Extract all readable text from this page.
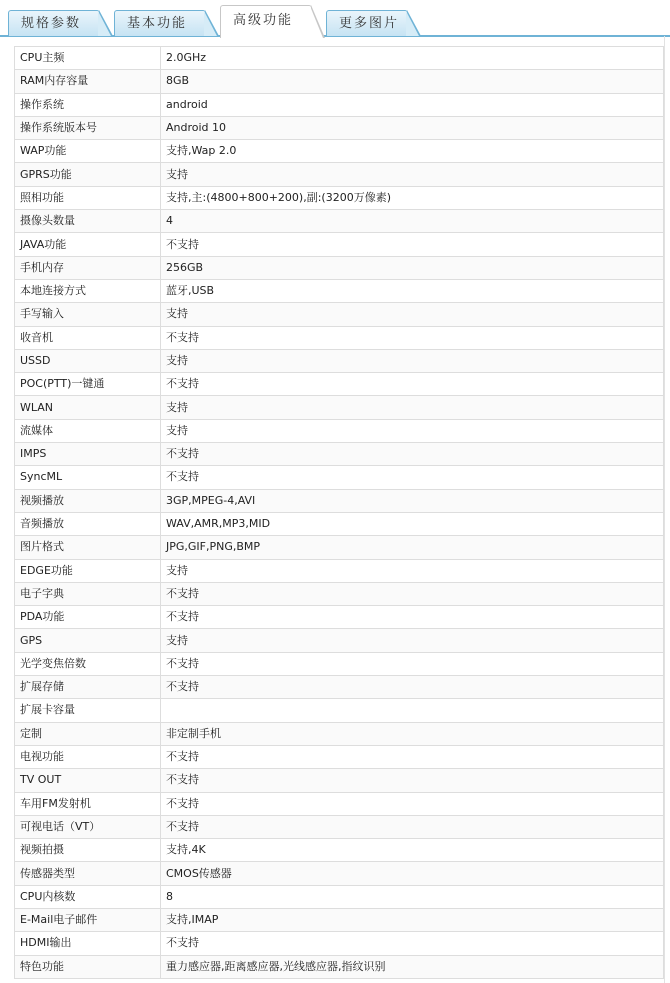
规格参数	基本功能	高级功能	更多图片
CPU主频	2.0GHz
RAM内存容量	8GB
操作系统	android
操作系统版本号	Android 10
WAP功能	支持,Wap 2.0
GPRS功能	支持
照相功能	支持,主:(4800+800+200),副:(3200万像素)
摄像头数量	4
JAVA功能	不支持
手机内存	256GB
本地连接方式	蓝牙,USB
手写输入	支持
收音机	不支持
USSD	支持
POC(PTT)一键通	不支持
WLAN	支持
流媒体	支持
IMPS	不支持
SyncML	不支持
视频播放	3GP,MPEG-4,AVI
音频播放	WAV,AMR,MP3,MID
图片格式	JPG,GIF,PNG,BMP
EDGE功能	支持
电子字典	不支持
PDA功能	不支持
GPS	支持
光学变焦倍数	不支持
扩展存储	不支持
扩展卡容量	
定制	非定制手机
电视功能	不支持
TV OUT	不支持
车用FM发射机	不支持
可视电话（VT）	不支持
视频拍摄	支持,4K
传感器类型	CMOS传感器
CPU内核数	8
E-Mail电子邮件	支持,IMAP
HDMI输出	不支持
特色功能	重力感应器,距离感应器,光线感应器,指纹识别
